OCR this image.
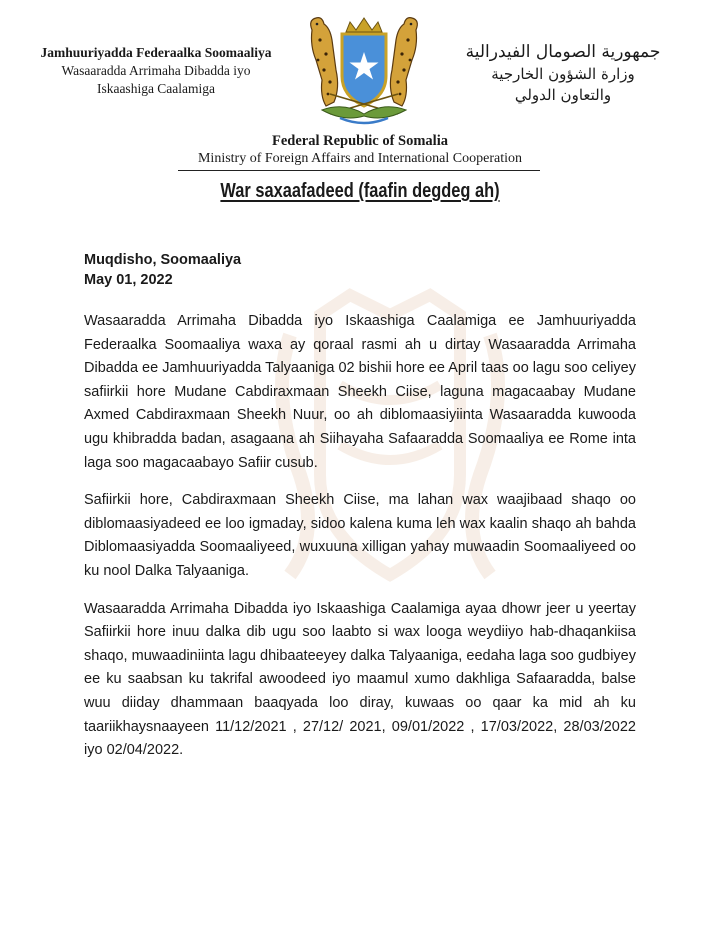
Jamhuuriyadda Federaalka Soomaaliya
Wasaaradda Arrimaha Dibadda iyo
Iskaashiga Caalamiga
جمهورية الصومال الفيدرالية
وزارة الشؤون الخارجية
والتعاون الدولي
Federal Republic of Somalia
Ministry of Foreign Affairs and International Cooperation
War saxaafadeed (faafin degdeg ah)
Muqdisho, Soomaaliya
May 01, 2022

Wasaaradda Arrimaha Dibadda iyo Iskaashiga Caalamiga ee Jamhuuriyadda Federaalka Soomaaliya waxa ay qoraal rasmi ah u dirtay Wasaaradda Arrimaha Dibadda ee Jamhuuriyadda Talyaaniga 02 bishii hore ee April taas oo lagu soo celiyey safiirkii hore Mudane Cabdiraxmaan Sheekh Ciise, laguna magacaabay Mudane Axmed Cabdiraxmaan Sheekh Nuur, oo ah diblomaasiyiinta Wasaaradda kuwooda ugu khibradda badan, asagaana ah Siihayaha Safaaradda Soomaaliya ee Rome inta laga soo magacaabayo Safiir cusub.

Safiirkii hore, Cabdiraxmaan Sheekh Ciise, ma lahan wax waajibaad shaqo oo diblomaasiyadeed ee loo igmaday, sidoo kalena kuma leh wax kaalin shaqo ah bahda Diblomaasiyadda Soomaaliyeed, wuxuuna xilligan yahay muwaadin Soomaaliyeed oo ku nool Dalka Talyaaniga.

Wasaaradda Arrimaha Dibadda iyo Iskaashiga Caalamiga ayaa dhowr jeer u yeertay Safiirkii hore inuu dalka dib ugu soo laabto si wax looga weydiiyo hab-dhaqankiisa shaqo, muwaadiniinta lagu dhibaateeyey dalka Talyaaniga, eedaha laga soo gudbiyey ee ku saabsan ku takrifal awoodeed iyo maamul xumo dakhliga Safaaradda, balse wuu diiday dhammaan baaqyada loo diray, kuwaas oo qaar ka mid ah ku taariikhaysnaayeen 11/12/2021 , 27/12/ 2021, 09/01/2022 , 17/03/2022, 28/03/2022 iyo 02/04/2022.
